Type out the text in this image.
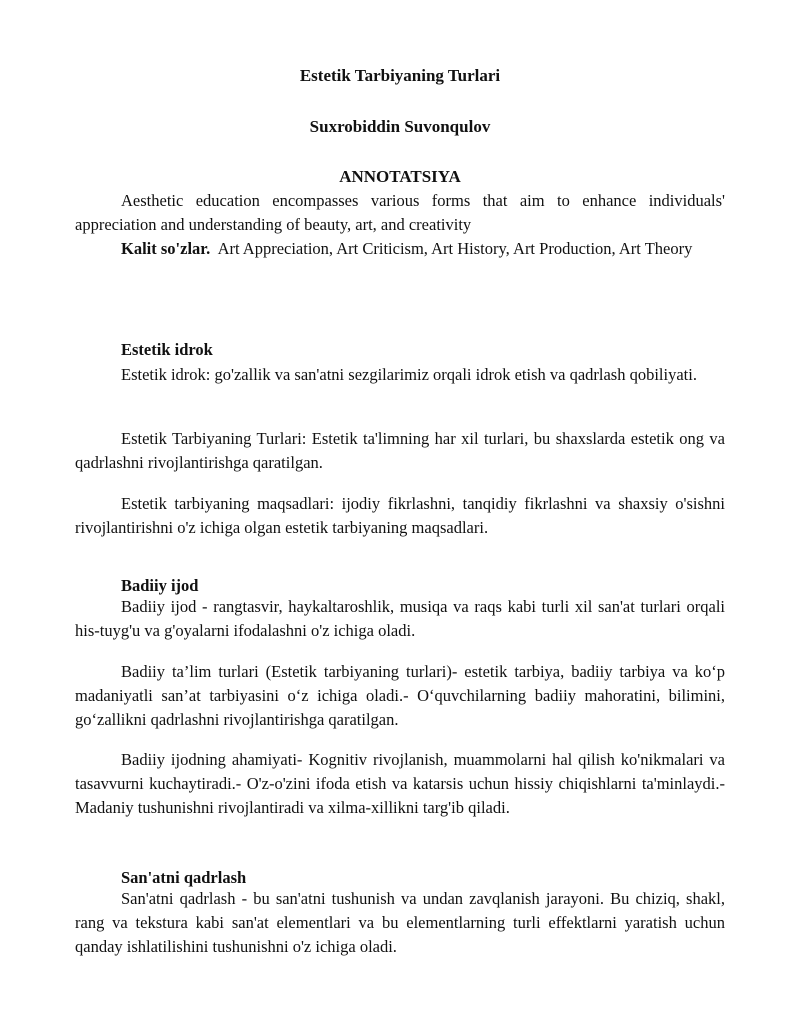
Estetik Tarbiyaning Turlari
Suxrobiddin Suvonqulov
ANNOTATSIYA

Aesthetic education encompasses various forms that aim to enhance individuals' appreciation and understanding of beauty, art, and creativity

Kalit so'zlar. Art Appreciation, Art Criticism, Art History, Art Production, Art Theory

Estetik idrok

Estetik idrok: go'zallik va san'atni sezgilarimiz orqali idrok etish va qadrlash qobiliyati.

Estetik Tarbiyaning Turlari: Estetik ta'limning har xil turlari, bu shaxslarda estetik ong va qadrlashni rivojlantirishga qaratilgan.

Estetik tarbiyaning maqsadlari: ijodiy fikrlashni, tanqidiy fikrlashni va shaxsiy o'sishni rivojlantirishni o'z ichiga olgan estetik tarbiyaning maqsadlari.

Badiiy ijod

Badiiy ijod - rangtasvir, haykaltaroshlik, musiqa va raqs kabi turli xil san'at turlari orqali his-tuyg'u va g'oyalarni ifodalashni o'z ichiga oladi.

Badiiy ta’lim turlari (Estetik tarbiyaning turlari)- estetik tarbiya, badiiy tarbiya va ko‘p madaniyatli san’at tarbiyasini o‘z ichiga oladi.- O‘quvchilarning badiiy mahoratini, bilimini, go‘zallikni qadrlashni rivojlantirishga qaratilgan.

Badiiy ijodning ahamiyati- Kognitiv rivojlanish, muammolarni hal qilish ko'nikmalari va tasavvurni kuchaytiradi.- O'z-o'zini ifoda etish va katarsis uchun hissiy chiqishlarni ta'minlaydi.- Madaniy tushunishni rivojlantiradi va xilma-xillikni targ'ib qiladi.

San'atni qadrlash

San'atni qadrlash - bu san'atni tushunish va undan zavqlanish jarayoni. Bu chiziq, shakl, rang va tekstura kabi san'at elementlari va bu elementlarning turli effektlarni yaratish uchun qanday ishlatilishini tushunishni o'z ichiga oladi.
